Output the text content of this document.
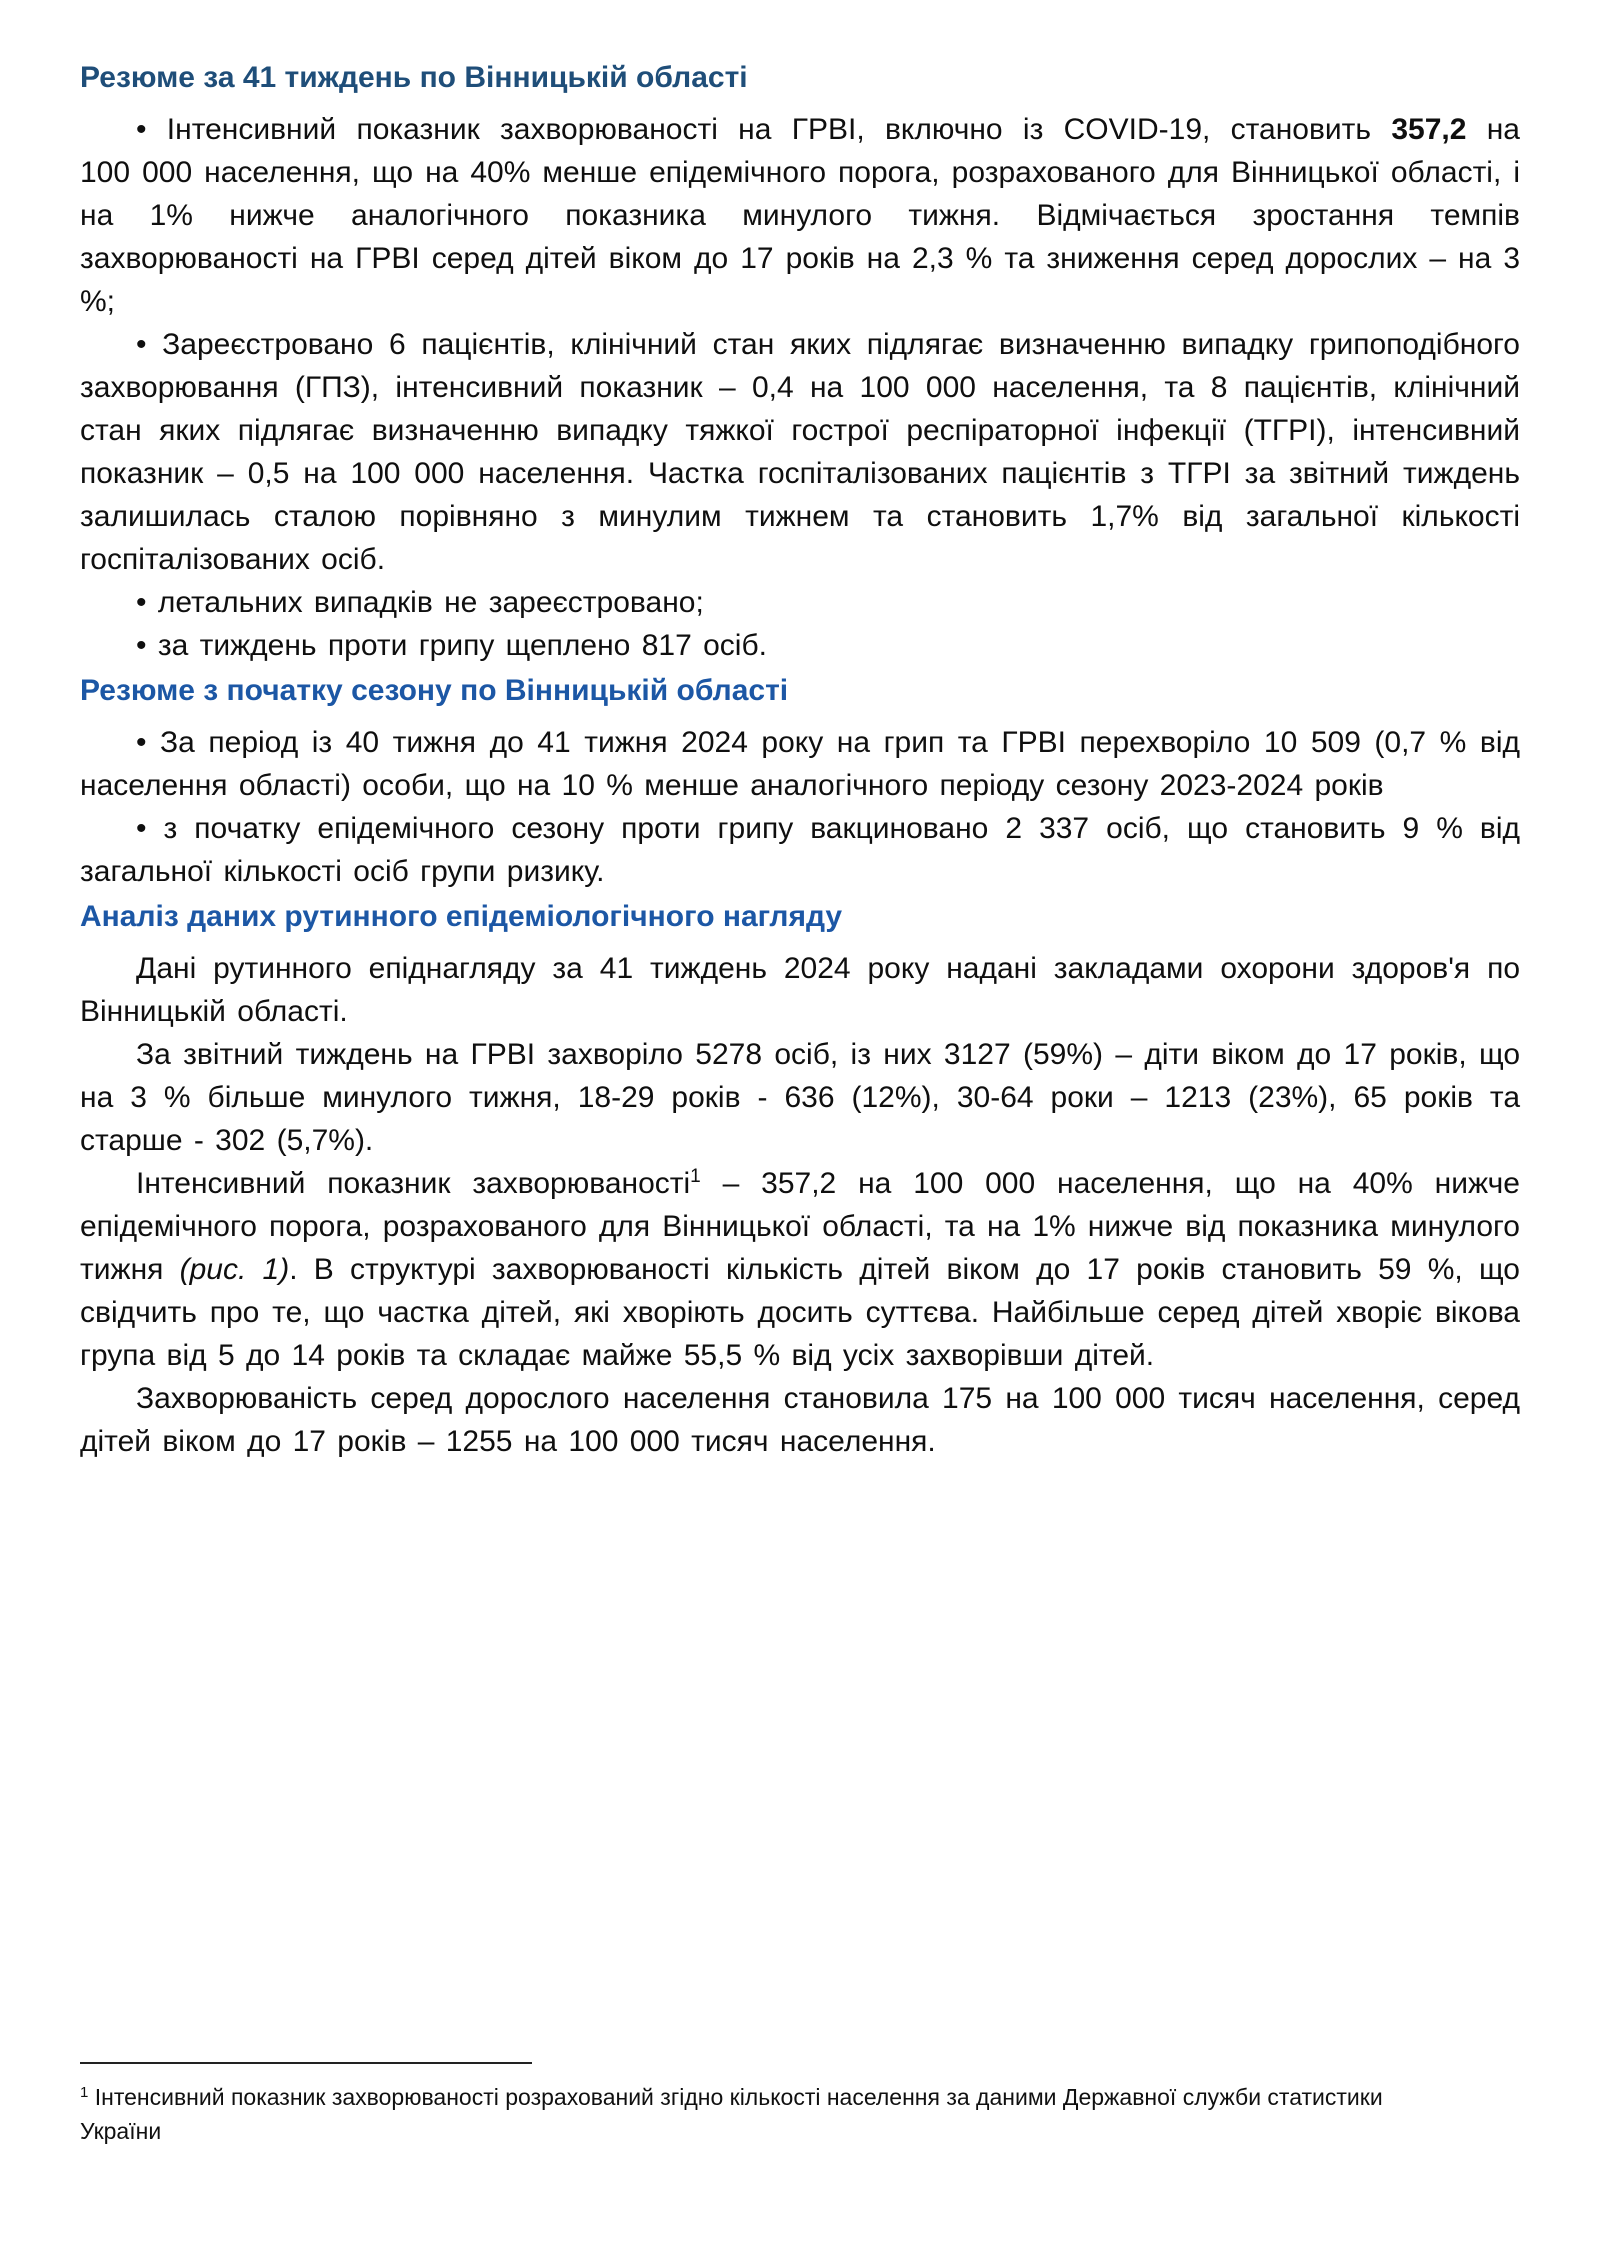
Резюме за 41 тиждень по Вінницькій області

• Інтенсивний показник захворюваності на ГРВІ, включно із COVID-19, становить 357,2 на 100 000 населення, що на 40% менше епідемічного порога, розрахованого для Вінницької області, і на 1% нижче аналогічного показника минулого тижня. Відмічається зростання темпів захворюваності на ГРВІ серед дітей віком до 17 років на 2,3 % та зниження серед дорослих – на 3 %;

• Зареєстровано 6 пацієнтів, клінічний стан яких підлягає визначенню випадку грипоподібного захворювання (ГПЗ), інтенсивний показник – 0,4 на 100 000 населення, та 8 пацієнтів, клінічний стан яких підлягає визначенню випадку тяжкої гострої респіраторної інфекції (ТГРІ), інтенсивний показник – 0,5 на 100 000 населення. Частка госпіталізованих пацієнтів з ТГРІ за звітний тиждень залишилась сталою порівняно з минулим тижнем та становить 1,7% від загальної кількості госпіталізованих осіб.

• летальних випадків не зареєстровано;

• за тиждень проти грипу щеплено 817 осіб.

Резюме з початку сезону по Вінницькій області

• За період із 40 тижня до 41 тижня 2024 року на грип та ГРВІ перехворіло 10 509 (0,7 % від населення області) особи, що на 10 % менше аналогічного періоду сезону 2023-2024 років

• з початку епідемічного сезону проти грипу вакциновано 2 337 осіб, що становить 9 % від загальної кількості осіб групи ризику.

Аналіз даних рутинного епідеміологічного нагляду

Дані рутинного епіднагляду за 41 тиждень 2024 року надані закладами охорони здоров'я по Вінницькій області.

За звітний тиждень на ГРВІ захворіло 5278 осіб, із них 3127 (59%) – діти віком до 17 років, що на 3 % більше минулого тижня, 18-29 років - 636 (12%), 30-64 роки – 1213 (23%), 65 років та старше - 302 (5,7%).

Інтенсивний показник захворюваності$^1$ – 357,2 на 100 000 населення, що на 40% нижче епідемічного порога, розрахованого для Вінницької області, та на 1% нижче від показника минулого тижня (рис. 1). В структурі захворюваності кількість дітей віком до 17 років становить 59 %, що свідчить про те, що частка дітей, які хворіють досить суттєва. Найбільше серед дітей хворіє вікова група від 5 до 14 років та складає майже 55,5 % від усіх захворівши дітей.

Захворюваність серед дорослого населення становила 175 на 100 000 тисяч населення, серед дітей віком до 17 років – 1255 на 100 000 тисяч населення.

$^1$ Інтенсивний показник захворюваності розрахований згідно кількості населення за даними Державної служби статистики України
